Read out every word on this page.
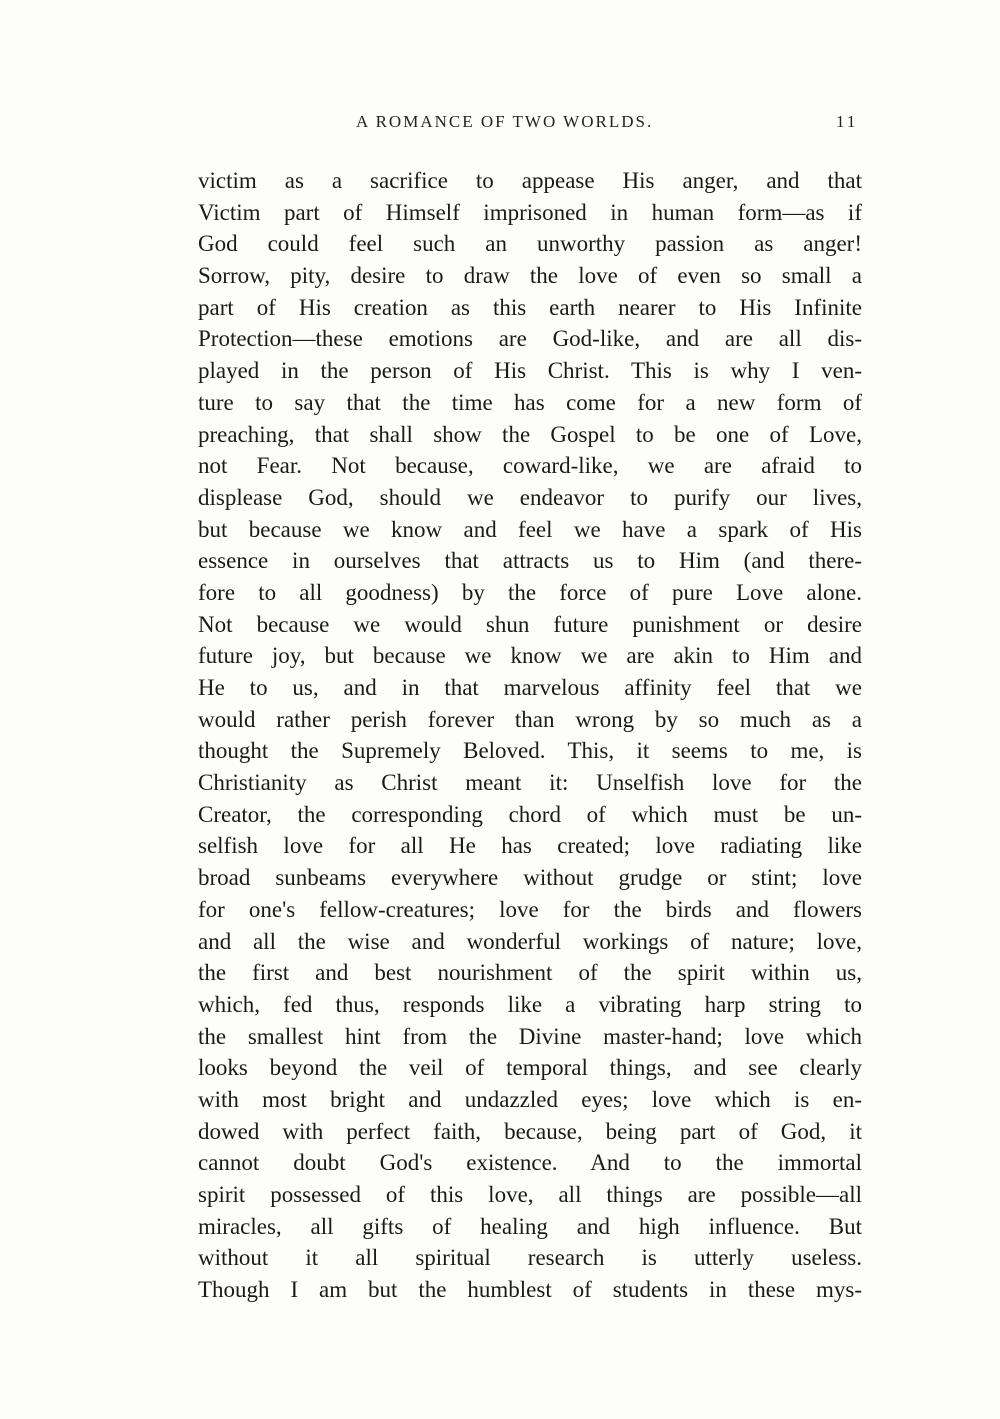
A ROMANCE OF TWO WORLDS.	11
victim as a sacrifice to appease His anger, and that
Victim part of Himself imprisoned in human form—as if
God could feel such an unworthy passion as anger!
Sorrow, pity, desire to draw the love of even so small a
part of His creation as this earth nearer to His Infinite
Protection—these emotions are God-like, and are all dis-
played in the person of His Christ. This is why I ven-
ture to say that the time has come for a new form of
preaching, that shall show the Gospel to be one of Love,
not Fear. Not because, coward-like, we are afraid to
displease God, should we endeavor to purify our lives,
but because we know and feel we have a spark of His
essence in ourselves that attracts us to Him (and there-
fore to all goodness) by the force of pure Love alone.
Not because we would shun future punishment or desire
future joy, but because we know we are akin to Him and
He to us, and in that marvelous affinity feel that we
would rather perish forever than wrong by so much as a
thought the Supremely Beloved. This, it seems to me, is
Christianity as Christ meant it: Unselfish love for the
Creator, the corresponding chord of which must be un-
selfish love for all He has created; love radiating like
broad sunbeams everywhere without grudge or stint; love
for one's fellow-creatures; love for the birds and flowers
and all the wise and wonderful workings of nature; love,
the first and best nourishment of the spirit within us,
which, fed thus, responds like a vibrating harp string to
the smallest hint from the Divine master-hand; love which
looks beyond the veil of temporal things, and see clearly
with most bright and undazzled eyes; love which is en-
dowed with perfect faith, because, being part of God, it
cannot doubt God's existence. And to the immortal
spirit possessed of this love, all things are possible—all
miracles, all gifts of healing and high influence. But
without it all spiritual research is utterly useless.
Though I am but the humblest of students in these mys-
